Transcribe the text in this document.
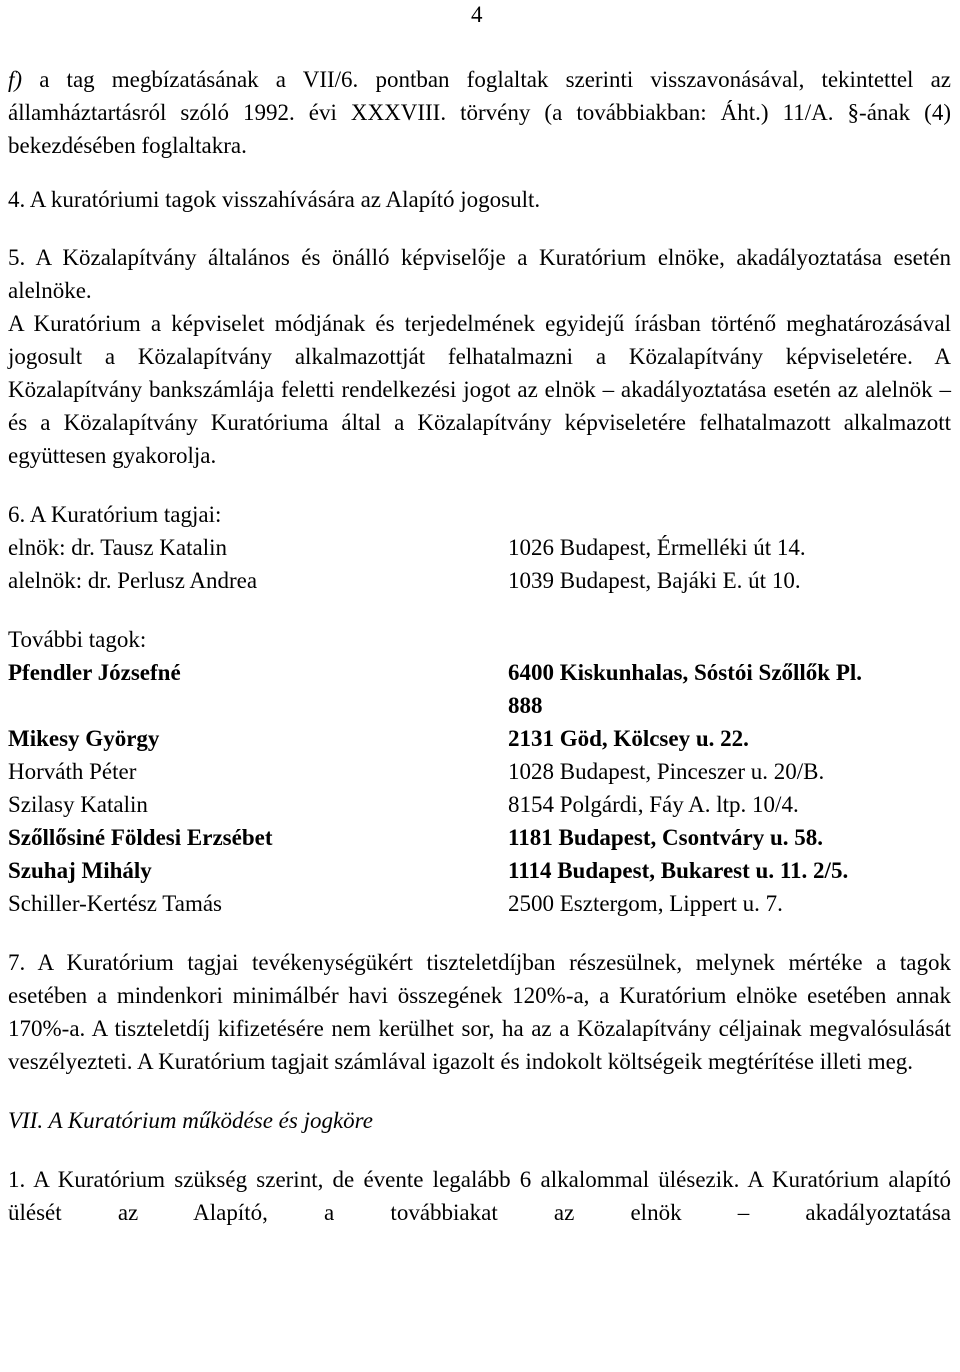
4

f) a tag megbízatásának a VII/6. pontban foglaltak szerinti visszavonásával, tekintettel az államháztartásról szóló 1992. évi XXXVIII. törvény (a továbbiakban: Áht.) 11/A. §-ának (4) bekezdésében foglaltakra.

4. A kuratóriumi tagok visszahívására az Alapító jogosult.

5. A Közalapítvány általános és önálló képviselője a Kuratórium elnöke, akadályoztatása esetén alelnöke.

A Kuratórium a képviselet módjának és terjedelmének egyidejű írásban történő meghatározásával jogosult a Közalapítvány alkalmazottját felhatalmazni a Közalapítvány képviseletére. A Közalapítvány bankszámlája feletti rendelkezési jogot az elnök – akadályoztatása esetén az alelnök – és a Közalapítvány Kuratóriuma által a Közalapítvány képviseletére felhatalmazott alkalmazott együttesen gyakorolja.

6. A Kuratórium tagjai:

elnök: dr. Tausz Katalin	1026 Budapest, Érmelléki út 14.
alelnök: dr. Perlusz Andrea	1039 Budapest, Bajáki E. út 10.

További tagok:

Pfendler Józsefné	6400 Kiskunhalas, Sóstói Szőllők Pl.
888
Mikesy György	2131 Göd, Kölcsey u. 22.
Horváth Péter	1028 Budapest, Pinceszer u. 20/B.
Szilasy Katalin	8154 Polgárdi, Fáy A. ltp. 10/4.
Szőllősiné Földesi Erzsébet	1181 Budapest, Csontváry u. 58.
Szuhaj Mihály	1114 Budapest, Bukarest u. 11. 2/5.
Schiller-Kertész Tamás	2500 Esztergom, Lippert u. 7.

7. A Kuratórium tagjai tevékenységükért tiszteletdíjban részesülnek, melynek mértéke a tagok esetében a mindenkori minimálbér havi összegének 120%-a, a Kuratórium elnöke esetében annak 170%-a. A tiszteletdíj kifizetésére nem kerülhet sor, ha az a Közalapítvány céljainak megvalósulását veszélyezteti. A Kuratórium tagjait számlával igazolt és indokolt költségeik megtérítése illeti meg.

VII. A Kuratórium működése és jogköre

1. A Kuratórium szükség szerint, de évente legalább 6 alkalommal ülésezik. A Kuratórium alapító ülését az Alapító, a továbbiakat az elnök – akadályoztatása
